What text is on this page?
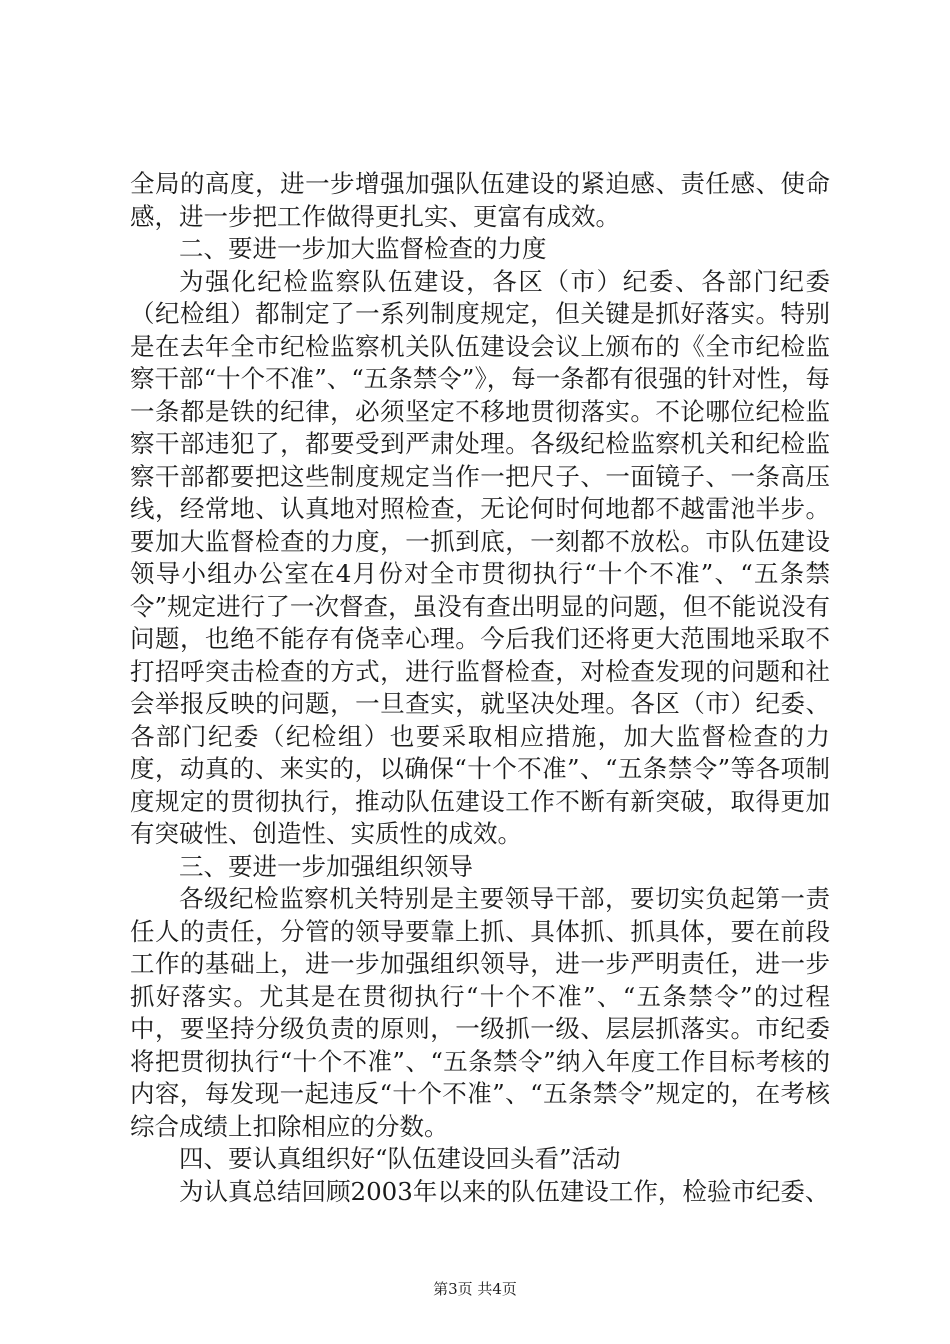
全局的高度，进一步增强加强队伍建设的紧迫感、责任感、使命感，进一步把工作做得更扎实、更富有成效。

二、要进一步加大监督检查的力度

为强化纪检监察队伍建设，各区（市）纪委、各部门纪委（纪检组）都制定了一系列制度规定，但关键是抓好落实。特别是在去年全市纪检监察机关队伍建设会议上颁布的《全市纪检监察干部“十个不准”、“五条禁令”》，每一条都有很强的针对性，每一条都是铁的纪律，必须坚定不移地贯彻落实。不论哪位纪检监察干部违犯了，都要受到严肃处理。各级纪检监察机关和纪检监察干部都要把这些制度规定当作一把尺子、一面镜子、一条高压线，经常地、认真地对照检查，无论何时何地都不越雷池半步。要加大监督检查的力度，一抓到底，一刻都不放松。市队伍建设领导小组办公室在4月份对全市贯彻执行“十个不准”、“五条禁令”规定进行了一次督查，虽没有查出明显的问题，但不能说没有问题，也绝不能存有侥幸心理。今后我们还将更大范围地采取不打招呼突击检查的方式，进行监督检查，对检查发现的问题和社会举报反映的问题，一旦查实，就坚决处理。各区（市）纪委、各部门纪委（纪检组）也要采取相应措施，加大监督检查的力度，动真的、来实的，以确保“十个不准”、“五条禁令”等各项制度规定的贯彻执行，推动队伍建设工作不断有新突破，取得更加有突破性、创造性、实质性的成效。

三、要进一步加强组织领导

各级纪检监察机关特别是主要领导干部，要切实负起第一责任人的责任，分管的领导要靠上抓、具体抓、抓具体，要在前段工作的基础上，进一步加强组织领导，进一步严明责任，进一步抓好落实。尤其是在贯彻执行“十个不准”、“五条禁令”的过程中，要坚持分级负责的原则，一级抓一级、层层抓落实。市纪委将把贯彻执行“十个不准”、“五条禁令”纳入年度工作目标考核的内容，每发现一起违反“十个不准”、“五条禁令”规定的，在考核综合成绩上扣除相应的分数。

四、要认真组织好“队伍建设回头看”活动

为认真总结回顾2003年以来的队伍建设工作，检验市纪委、

第3页 共4页
